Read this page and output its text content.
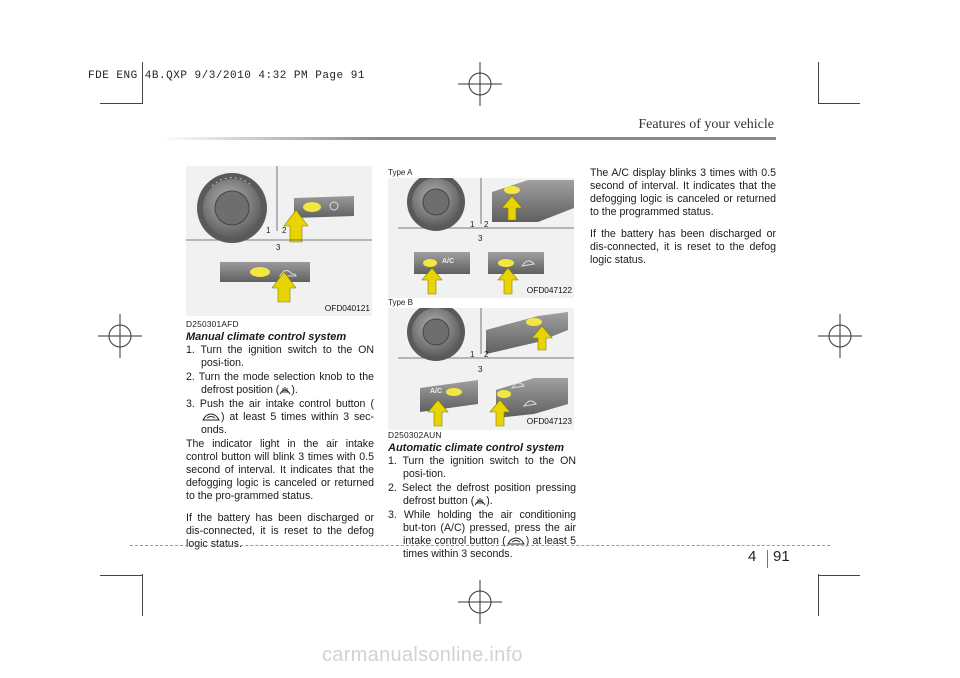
FDE ENG 4B.QXP 9/3/2010 4:32 PM Page 91
Features of your vehicle
1 2
3
OFD040121
Type A
1 2
3
A/C
OFD047122
Type B
1 2
3
A/C
OFD047123

D250301AFD

Manual climate control system

1. Turn the ignition switch to the ON posi-tion.

2. Turn the mode selection knob to the defrost position ( ).

3. Push the air intake control button () at least 5 times within 3 sec-onds.

The indicator light in the air intake control button will blink 3 times with 0.5 second of interval. It indicates that the defogging logic is canceled or returned to the pro-grammed status.

If the battery has been discharged or dis-connected, it is reset to the defog logic status.

D250302AUN

Automatic climate control system

1. Turn the ignition switch to the ON posi-tion.

2. Select the defrost position pressing defrost button ( ).

3. While holding the air conditioning but-ton (A/C) pressed, press the air intake control button ( ) at least 5 times within 3 seconds.

The A/C display blinks 3 times with 0.5 second of interval. It indicates that the defogging logic is canceled or returned to the programmed status.

If the battery has been discharged or dis-connected, it is reset to the defog logic status.

4 91
carmanualsonline.info
